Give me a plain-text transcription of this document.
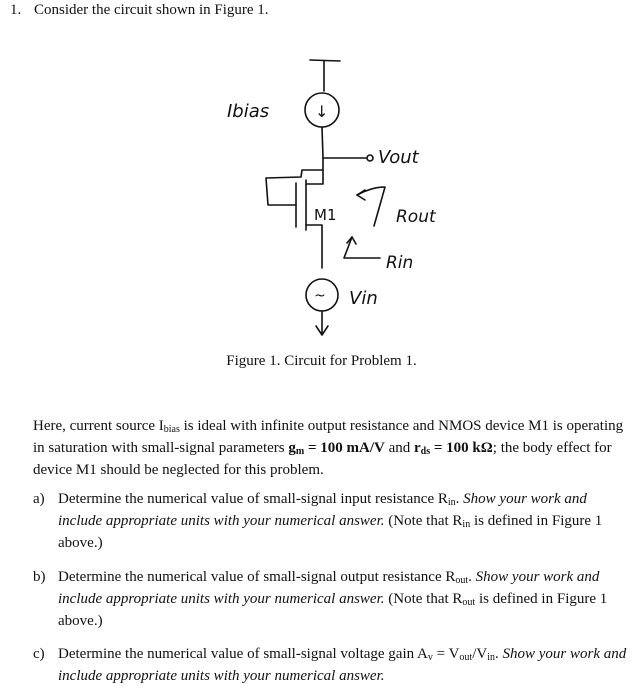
1. Consider the circuit shown in Figure 1.
Ibias	↓
Vout
M1	Rout
Rin
~ Vin
Figure 1. Circuit for Problem 1.
Here, current source $I_{bias}$ is ideal with infinite output resistance and NMOS device M1 is operating in saturation with small-signal parameters $g_m = 100$ mA/V and $r_{ds} = 100$ kΩ; the body effect for device M1 should be neglected for this problem.
a) Determine the numerical value of small-signal input resistance $R_{in}$. Show your work and include appropriate units with your numerical answer. (Note that $R_{in}$ is defined in Figure 1 above.)
b) Determine the numerical value of small-signal output resistance $R_{out}$. Show your work and include appropriate units with your numerical answer. (Note that $R_{out}$ is defined in Figure 1 above.)
c) Determine the numerical value of small-signal voltage gain $A_v = V_{out}/V_{in}$. Show your work and include appropriate units with your numerical answer.
